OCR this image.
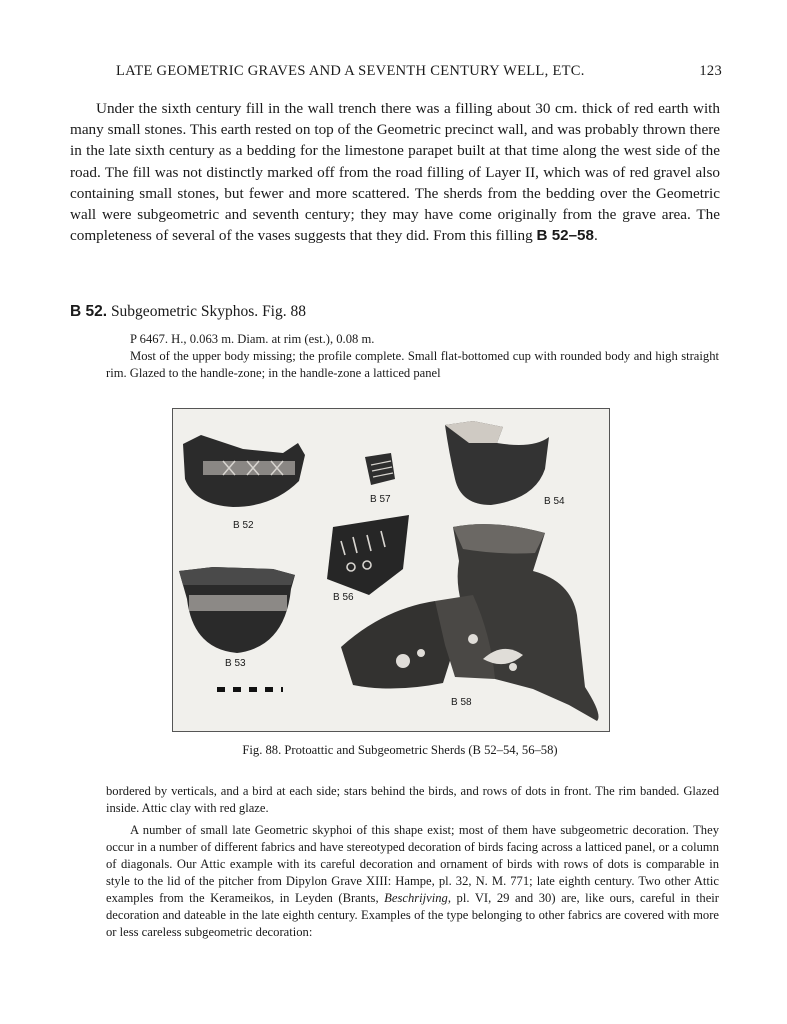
LATE GEOMETRIC GRAVES AND A SEVENTH CENTURY WELL, ETC.	123

Under the sixth century fill in the wall trench there was a filling about 30 cm. thick of red earth with many small stones. This earth rested on top of the Geometric precinct wall, and was probably thrown there in the late sixth century as a bedding for the limestone parapet built at that time along the west side of the road. The fill was not distinctly marked off from the road filling of Layer II, which was of red gravel also containing small stones, but fewer and more scattered. The sherds from the bedding over the Geometric wall were subgeometric and seventh century; they may have come originally from the grave area. The completeness of several of the vases suggests that they did. From this filling B 52–58.

B 52. Subgeometric Skyphos. Fig. 88

P 6467. H., 0.063 m. Diam. at rim (est.), 0.08 m.

Most of the upper body missing; the profile complete. Small flat-bottomed cup with rounded body and high straight rim. Glazed to the handle-zone; in the handle-zone a latticed panel

B 52
B 57	B 54
B 56
B 53
B 58
Fig. 88. Protoattic and Subgeometric Sherds (B 52–54, 56–58)

bordered by verticals, and a bird at each side; stars behind the birds, and rows of dots in front. The rim banded. Glazed inside. Attic clay with red glaze.

A number of small late Geometric skyphoi of this shape exist; most of them have subgeometric decoration. They occur in a number of different fabrics and have stereotyped decoration of birds facing across a latticed panel, or a column of diagonals. Our Attic example with its careful decoration and ornament of birds with rows of dots is comparable in style to the lid of the pitcher from Dipylon Grave XIII: Hampe, pl. 32, N. M. 771; late eighth century. Two other Attic examples from the Kerameikos, in Leyden (Brants, Beschrijving, pl. VI, 29 and 30) are, like ours, careful in their decoration and dateable in the late eighth century. Examples of the type belonging to other fabrics are covered with more or less careless subgeometric decoration:
